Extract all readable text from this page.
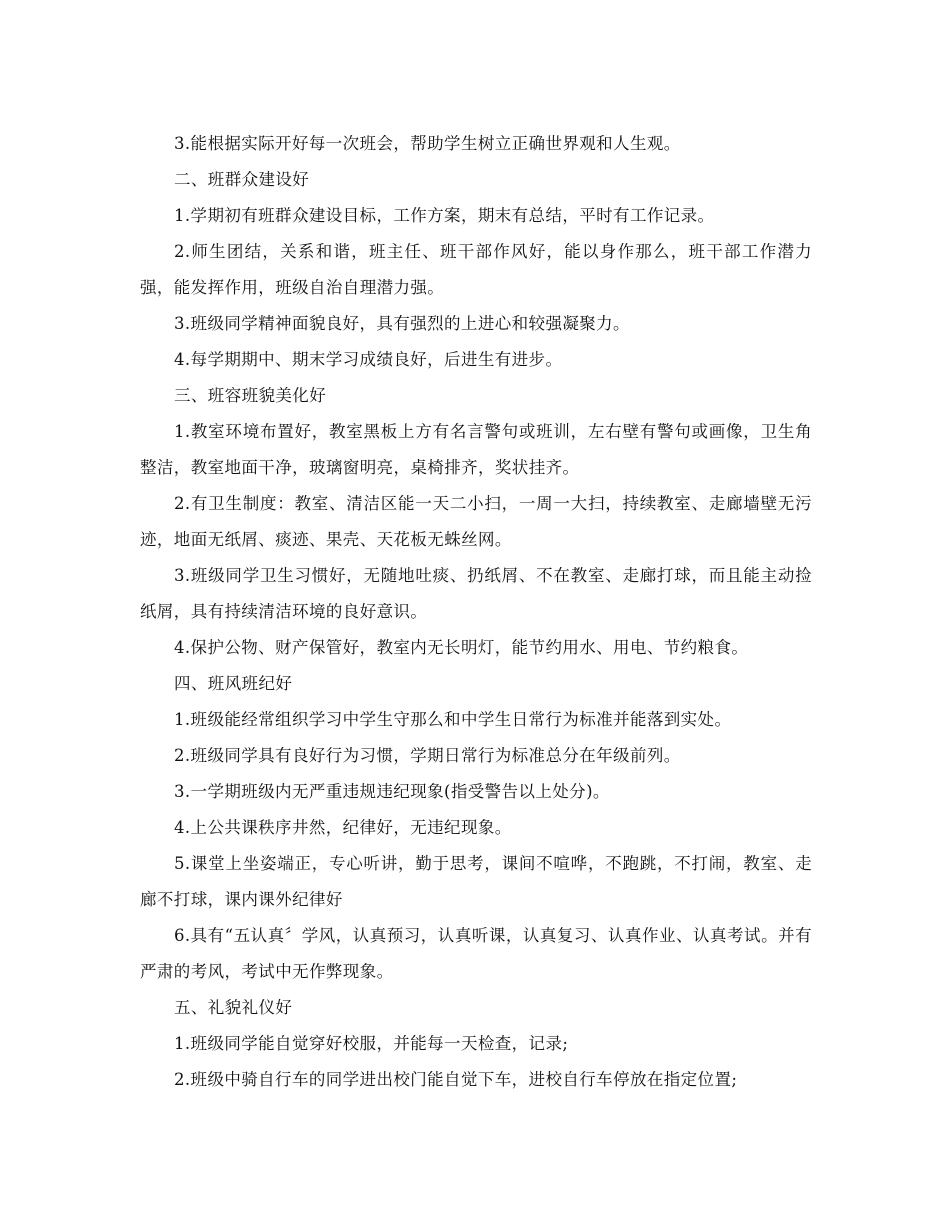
3.能根据实际开好每一次班会，帮助学生树立正确世界观和人生观。

二、班群众建设好

1.学期初有班群众建设目标，工作方案，期末有总结，平时有工作记录。

2.师生团结，关系和谐，班主任、班干部作风好，能以身作那么，班干部工作潜力强，能发挥作用，班级自治自理潜力强。

3.班级同学精神面貌良好，具有强烈的上进心和较强凝聚力。

4.每学期期中、期末学习成绩良好，后进生有进步。

三、班容班貌美化好

1.教室环境布置好，教室黑板上方有名言警句或班训，左右壁有警句或画像，卫生角整洁，教室地面干净，玻璃窗明亮，桌椅排齐，奖状挂齐。

2.有卫生制度：教室、清洁区能一天二小扫，一周一大扫，持续教室、走廊墙壁无污迹，地面无纸屑、痰迹、果壳、天花板无蛛丝网。

3.班级同学卫生习惯好，无随地吐痰、扔纸屑、不在教室、走廊打球，而且能主动捡纸屑，具有持续清洁环境的良好意识。

4.保护公物、财产保管好，教室内无长明灯，能节约用水、用电、节约粮食。

四、班风班纪好

1.班级能经常组织学习中学生守那么和中学生日常行为标准并能落到实处。

2.班级同学具有良好行为习惯，学期日常行为标准总分在年级前列。

3.一学期班级内无严重违规违纪现象(指受警告以上处分)。

4.上公共课秩序井然，纪律好，无违纪现象。

5.课堂上坐姿端正，专心听讲，勤于思考，课间不喧哗，不跑跳，不打闹，教室、走廊不打球，课内课外纪律好

6.具有“五认真〞学风，认真预习，认真听课，认真复习、认真作业、认真考试。并有严肃的考风，考试中无作弊现象。

五、礼貌礼仪好

1.班级同学能自觉穿好校服，并能每一天检查，记录;

2.班级中骑自行车的同学进出校门能自觉下车，进校自行车停放在指定位置;
